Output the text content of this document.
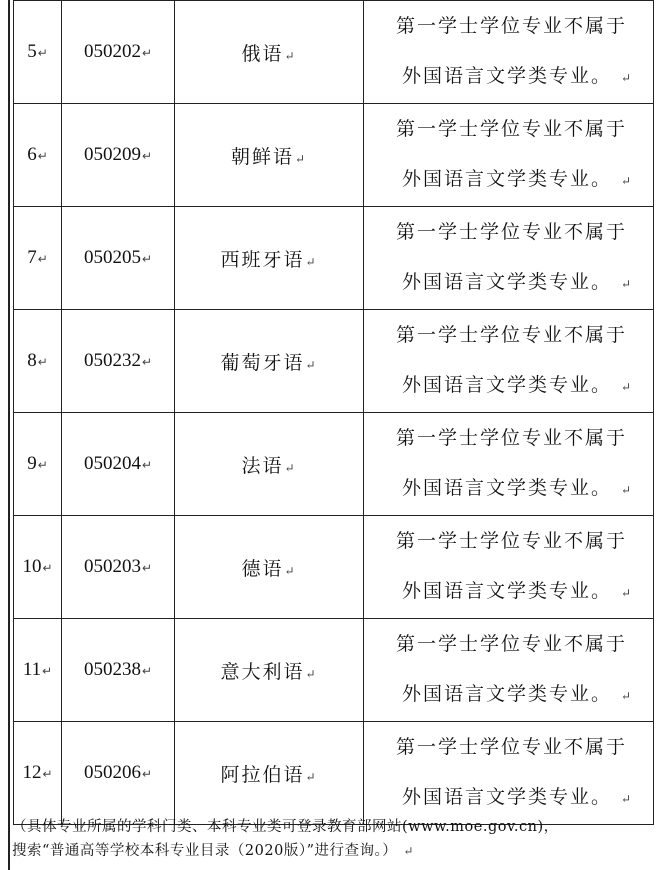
5↵	050202↵	俄语↵	第一学士学位专业不属于
外国语言文学类专业。 ↵

6↵	050209↵	朝鲜语↵	第一学士学位专业不属于
外国语言文学类专业。 ↵

7↵	050205↵	西班牙语↵	第一学士学位专业不属于
外国语言文学类专业。 ↵

8↵	050232↵	葡萄牙语↵	第一学士学位专业不属于
外国语言文学类专业。 ↵

9↵	050204↵	法语↵	第一学士学位专业不属于
外国语言文学类专业。 ↵

10↵	050203↵	德语↵	第一学士学位专业不属于
外国语言文学类专业。 ↵

11↵	050238↵	意大利语↵	第一学士学位专业不属于
外国语言文学类专业。 ↵

12↵	050206↵	阿拉伯语↵	第一学士学位专业不属于
外国语言文学类专业。 ↵
（具体专业所属的学科门类、本科专业类可登录教育部网站(www.moe.gov.cn)，
搜索“普通高等学校本科专业目录（2020版）”进行查询。） ↵
